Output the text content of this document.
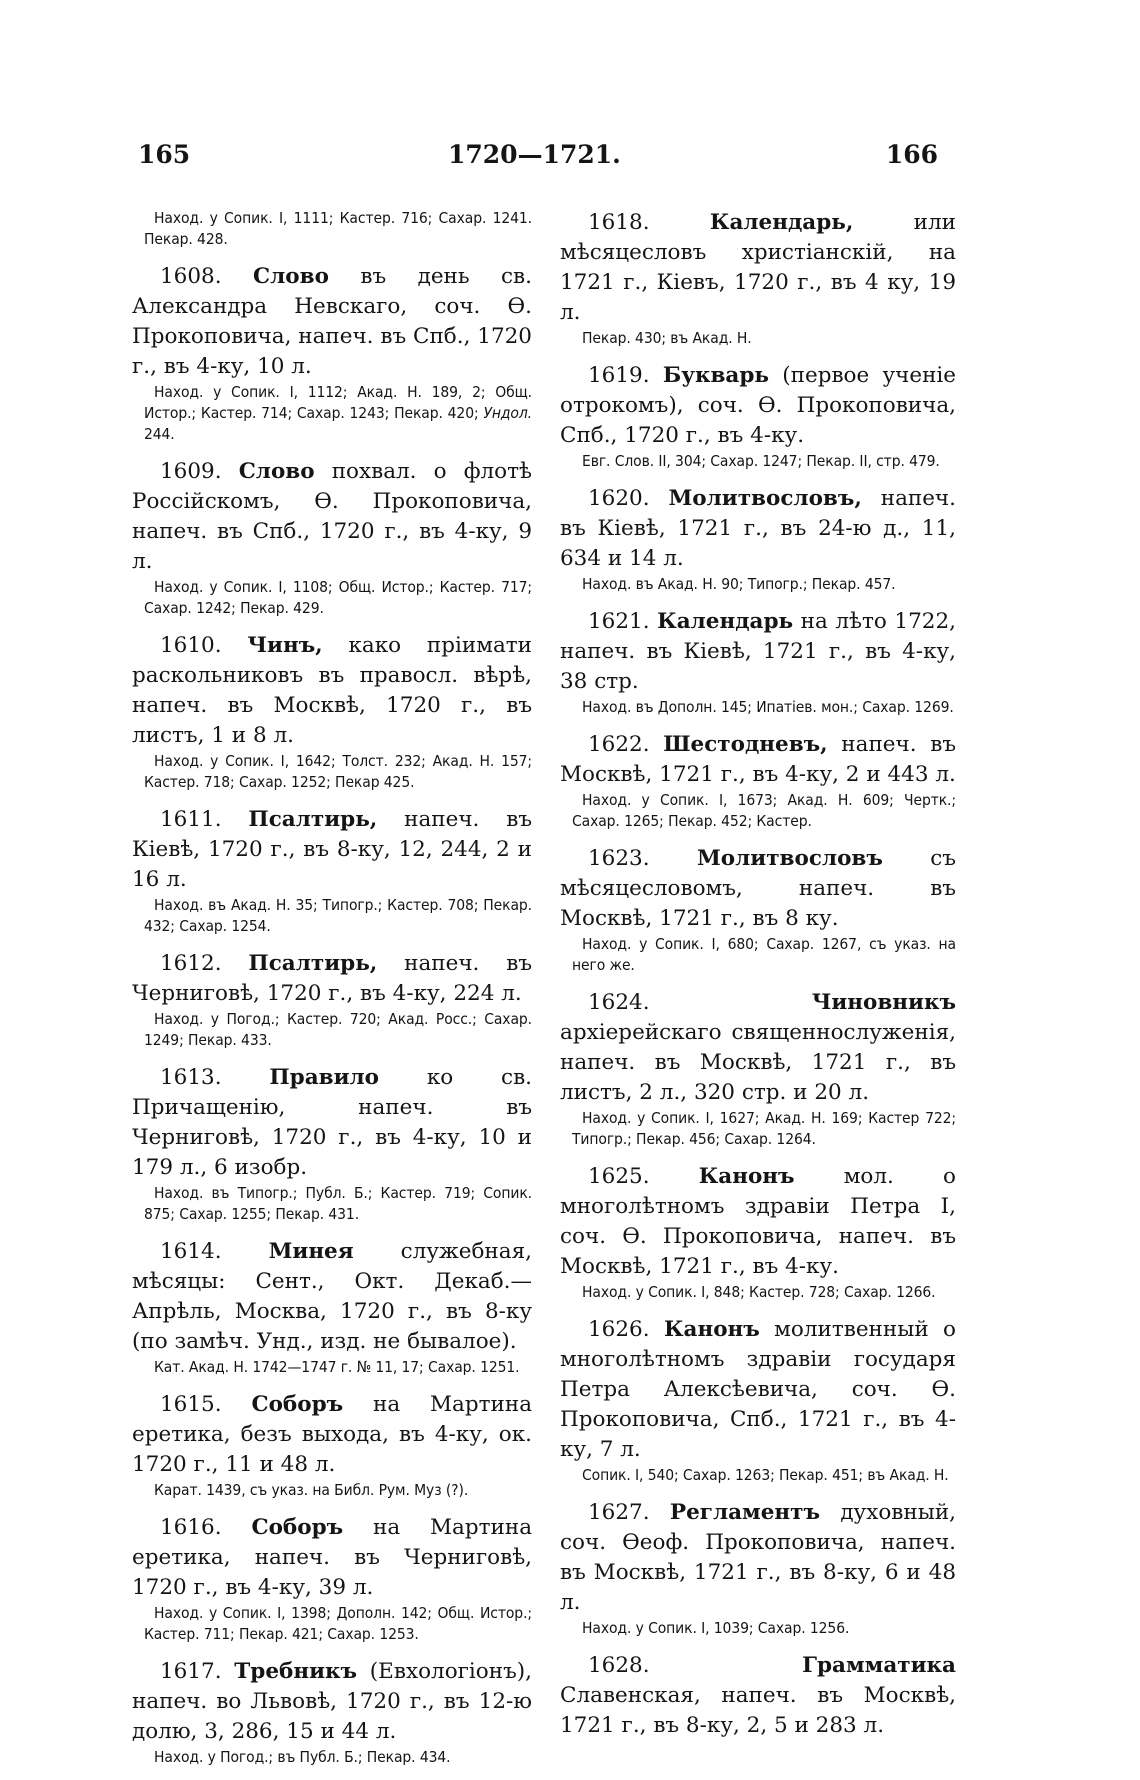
165	1720—1721.	166

Наход. у Сопик. I, 1111; Кастер. 716; Сахар. 1241. Пекар. 428.

1608. Слово въ день св. Александра Невскаго, соч. Ѳ. Прокоповича, напеч. въ Спб., 1720 г., въ 4-ку, 10 л.

Наход. у Сопик. I, 1112; Акад. Н. 189, 2; Общ. Истор.; Кастер. 714; Сахар. 1243; Пекар. 420; Ундол. 244.

1609. Слово похвал. о флотѣ Россійскомъ, Ѳ. Прокоповича, напеч. въ Спб., 1720 г., въ 4-ку, 9 л.

Наход. у Сопик. I, 1108; Общ. Истор.; Кастер. 717; Сахар. 1242; Пекар. 429.

1610. Чинъ, како пріимати раскольниковъ въ правосл. вѣрѣ, напеч. въ Москвѣ, 1720 г., въ листъ, 1 и 8 л.

Наход. у Сопик. I, 1642; Толст. 232; Акад. Н. 157; Кастер. 718; Сахар. 1252; Пекар 425.

1611. Псалтирь, напеч. въ Кіевѣ, 1720 г., въ 8-ку, 12, 244, 2 и 16 л.

Наход. въ Акад. Н. 35; Типогр.; Кастер. 708; Пекар. 432; Сахар. 1254.

1612. Псалтирь, напеч. въ Черниговѣ, 1720 г., въ 4-ку, 224 л.

Наход. у Погод.; Кастер. 720; Акад. Росс.; Сахар. 1249; Пекар. 433.

1613. Правило ко св. Причащенію, напеч. въ Черниговѣ, 1720 г., въ 4-ку, 10 и 179 л., 6 изобр.

Наход. въ Типогр.; Публ. Б.; Кастер. 719; Сопик. 875; Сахар. 1255; Пекар. 431.

1614. Минея служебная, мѣсяцы: Сент., Окт. Декаб.—Апрѣль, Москва, 1720 г., въ 8-ку (по замѣч. Унд., изд. не бывалое).

Кат. Акад. Н. 1742—1747 г. № 11, 17; Сахар. 1251.

1615. Соборъ на Мартина еретика, безъ выхода, въ 4-ку, ок. 1720 г., 11 и 48 л.

Карат. 1439, съ указ. на Библ. Рум. Муз (?).

1616. Соборъ на Мартина еретика, напеч. въ Черниговѣ, 1720 г., въ 4-ку, 39 л.

Наход. у Сопик. I, 1398; Дополн. 142; Общ. Истор.; Кастер. 711; Пекар. 421; Сахар. 1253.

1617. Требникъ (Евхологіонъ), напеч. во Львовѣ, 1720 г., въ 12-ю долю, 3, 286, 15 и 44 л.

Наход. у Погод.; въ Публ. Б.; Пекар. 434.

1618.	Календарь,	или мѣсяцесловъ христіанскій, на 1721 г., Кіевъ, 1720 г., въ 4 ку, 19 л.

Пекар. 430; въ Акад. Н.

1619. Букварь (первое ученіе отрокомъ), соч. Ѳ. Прокоповича, Спб., 1720 г., въ 4-ку.

Евг. Слов. II, 304; Сахар. 1247; Пекар. II, стр. 479.

1620. Молитвословъ, напеч. въ Кіевѣ, 1721 г., въ 24-ю д., 11, 634 и 14 л.

Наход. въ Акад. Н. 90; Типогр.; Пекар. 457.

1621. Календарь на лѣто 1722, напеч. въ Кіевѣ, 1721 г., въ 4-ку, 38 стр.

Наход. въ Дополн. 145; Ипатіев. мон.; Сахар. 1269.

1622. Шестодневъ, напеч. въ Москвѣ, 1721 г., въ 4-ку, 2 и 443 л.

Наход. у Сопик. I, 1673; Акад. Н. 609; Чертк.; Сахар. 1265; Пекар. 452; Кастер.

1623. Молитвословъ съ мѣсяцесловомъ, напеч. въ Москвѣ, 1721 г., въ 8 ку.

Наход. у Сопик. I, 680; Сахар. 1267, съ указ. на него же.

1624.	Чиновникъ архіерейскаго священнослуженія, напеч. въ Москвѣ, 1721 г., въ листъ, 2 л., 320 стр. и 20 л.

Наход. у Сопик. I, 1627; Акад. Н. 169; Кастер 722; Типогр.; Пекар. 456; Сахар. 1264.

1625. Канонъ мол. о многолѣтномъ здравіи Петра I, соч. Ѳ. Прокоповича, напеч. въ Москвѣ, 1721 г., въ 4-ку.

Наход. у Сопик. I, 848; Кастер. 728; Сахар. 1266.

1626. Канонъ молитвенный о многолѣтномъ здравіи государя Петра Алексѣевича, соч. Ѳ. Прокоповича, Спб., 1721 г., въ 4-ку, 7 л.

Сопик. I, 540; Сахар. 1263; Пекар. 451; въ Акад. Н.

1627. Регламентъ духовный, соч. Ѳеоф. Прокоповича, напеч. въ Москвѣ, 1721 г., въ 8-ку, 6 и 48 л.

Наход. у Сопик. I, 1039; Сахар. 1256.

1628.	Грамматика Славенская, напеч. въ Москвѣ, 1721 г., въ 8-ку, 2, 5 и 283 л.
